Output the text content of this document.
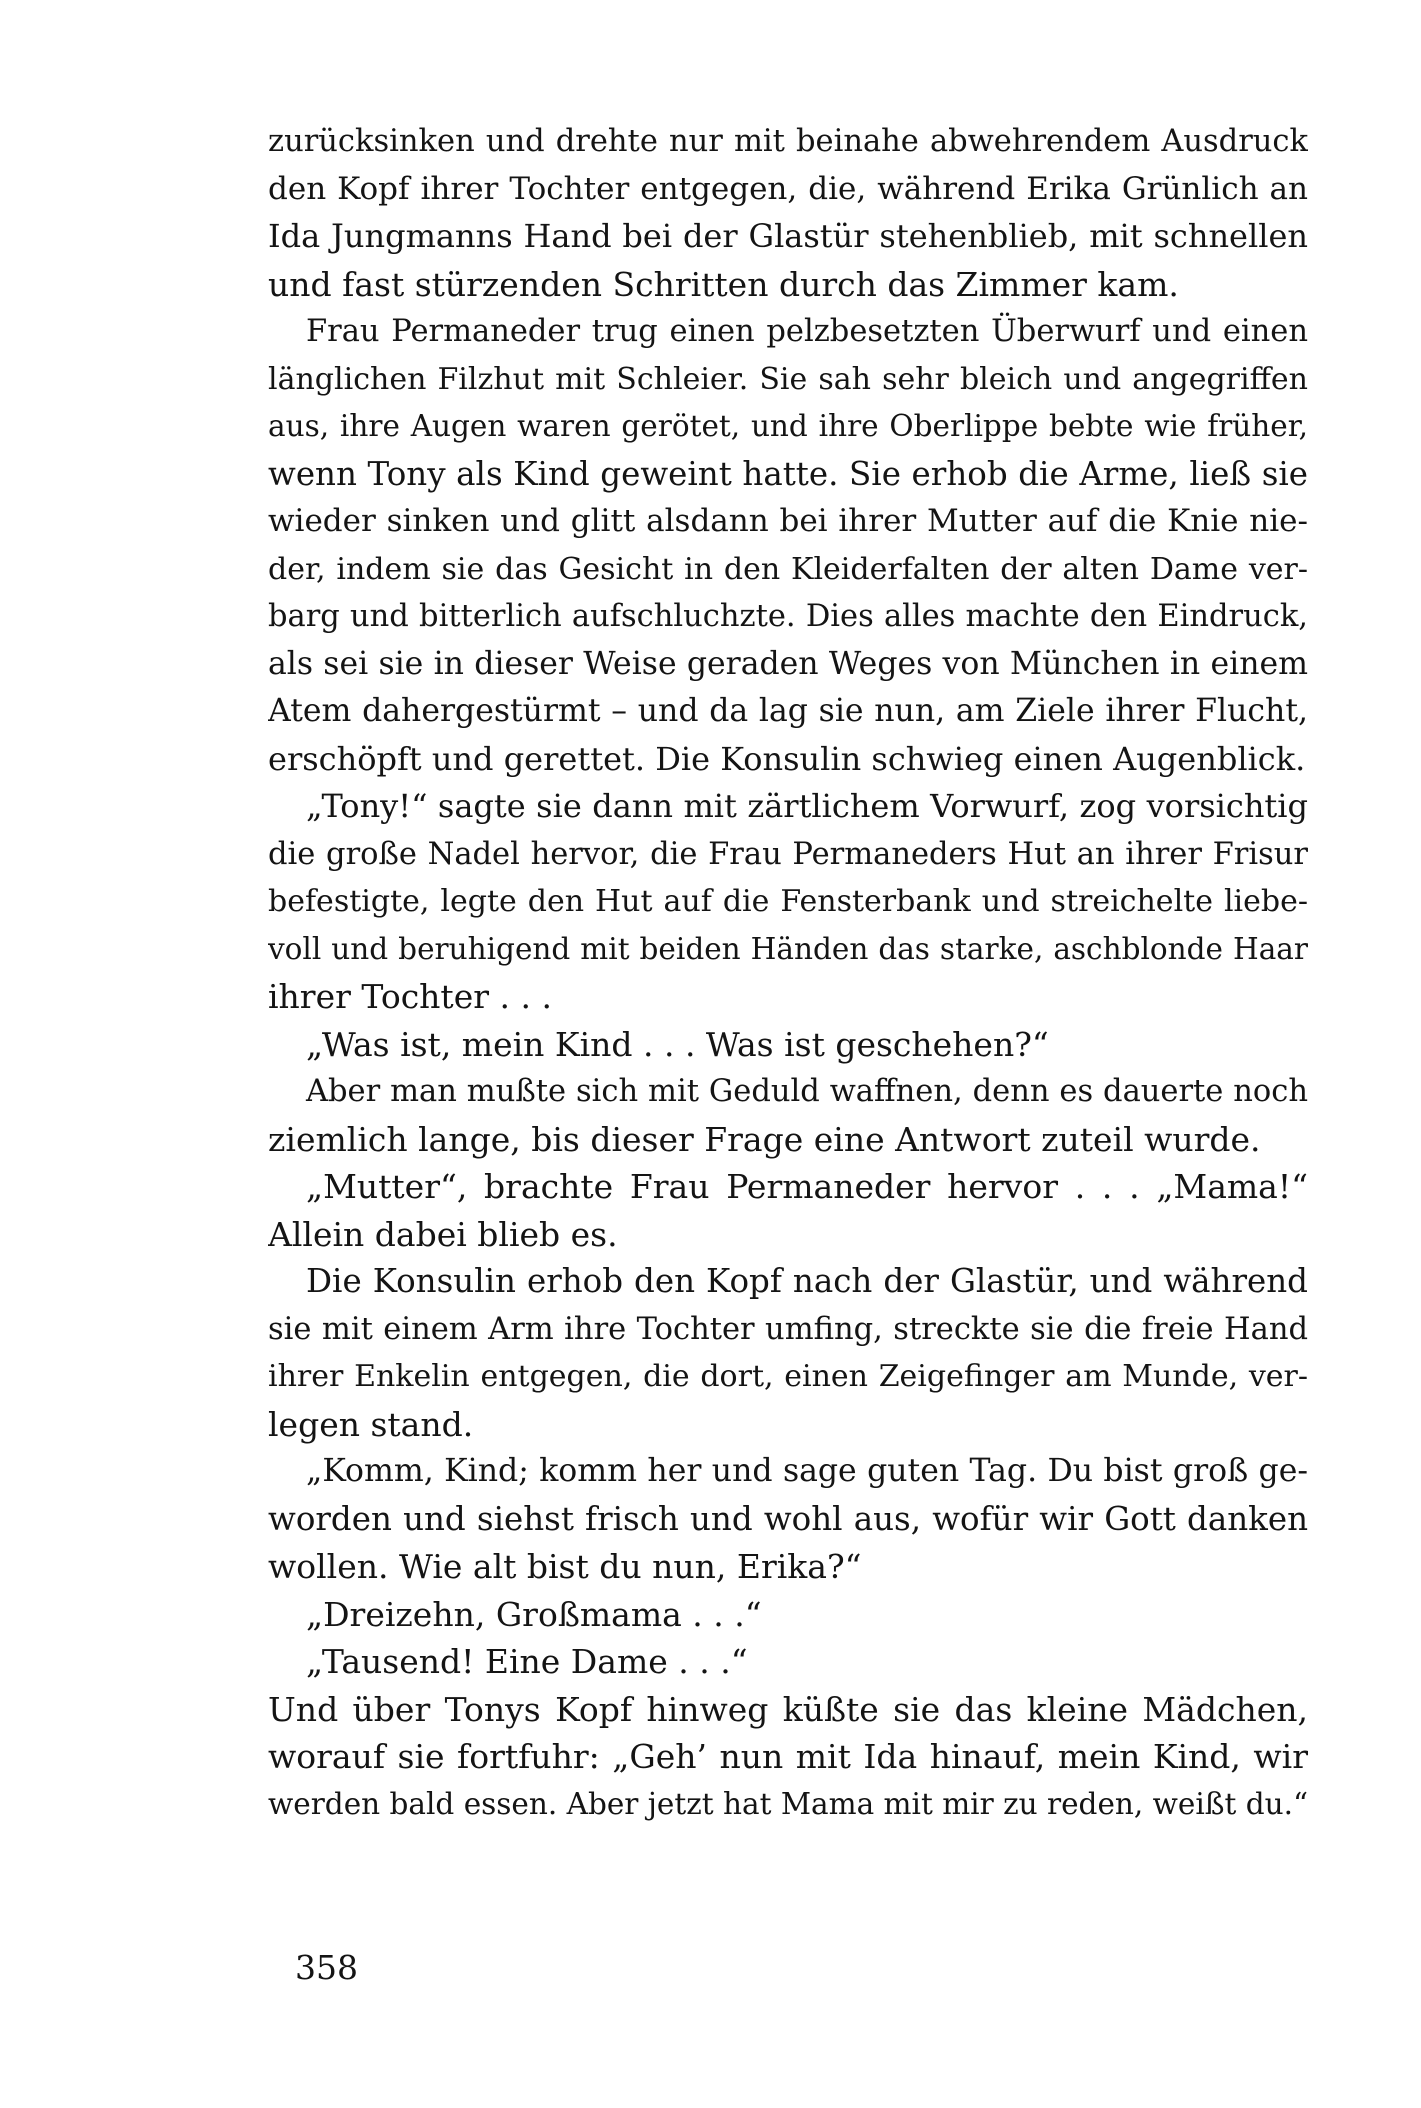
zurücksinken und drehte nur mit beinahe abwehrendem Ausdruck
den Kopf ihrer Tochter entgegen, die, während Erika Grünlich an
Ida Jungmanns Hand bei der Glastür stehenblieb, mit schnellen
und fast stürzenden Schritten durch das Zimmer kam.
Frau Permaneder trug einen pelzbesetzten Überwurf und einen
länglichen Filzhut mit Schleier. Sie sah sehr bleich und angegriffen
aus, ihre Augen waren gerötet, und ihre Oberlippe bebte wie früher,
wenn Tony als Kind geweint hatte. Sie erhob die Arme, ließ sie
wieder sinken und glitt alsdann bei ihrer Mutter auf die Knie nie-
der, indem sie das Gesicht in den Kleiderfalten der alten Dame ver-
barg und bitterlich aufschluchzte. Dies alles machte den Eindruck,
als sei sie in dieser Weise geraden Weges von München in einem
Atem dahergestürmt – und da lag sie nun, am Ziele ihrer Flucht,
erschöpft und gerettet. Die Konsulin schwieg einen Augenblick.
„Tony!“ sagte sie dann mit zärtlichem Vorwurf, zog vorsichtig
die große Nadel hervor, die Frau Permaneders Hut an ihrer Frisur
befestigte, legte den Hut auf die Fensterbank und streichelte liebe-
voll und beruhigend mit beiden Händen das starke, aschblonde Haar
ihrer Tochter . . .
„Was ist, mein Kind . . . Was ist geschehen?“
Aber man mußte sich mit Geduld waffnen, denn es dauerte noch
ziemlich lange, bis dieser Frage eine Antwort zuteil wurde.
„Mutter“, brachte Frau Permaneder hervor . . . „Mama!“
Allein dabei blieb es.
Die Konsulin erhob den Kopf nach der Glastür, und während
sie mit einem Arm ihre Tochter umfing, streckte sie die freie Hand
ihrer Enkelin entgegen, die dort, einen Zeigefinger am Munde, ver-
legen stand.
„Komm, Kind; komm her und sage guten Tag. Du bist groß ge-
worden und siehst frisch und wohl aus, wofür wir Gott danken
wollen. Wie alt bist du nun, Erika?“
„Dreizehn, Großmama . . .“
„Tausend! Eine Dame . . .“
Und über Tonys Kopf hinweg küßte sie das kleine Mädchen,
worauf sie fortfuhr: „Geh’ nun mit Ida hinauf, mein Kind, wir
werden bald essen. Aber jetzt hat Mama mit mir zu reden, weißt du.“
358
